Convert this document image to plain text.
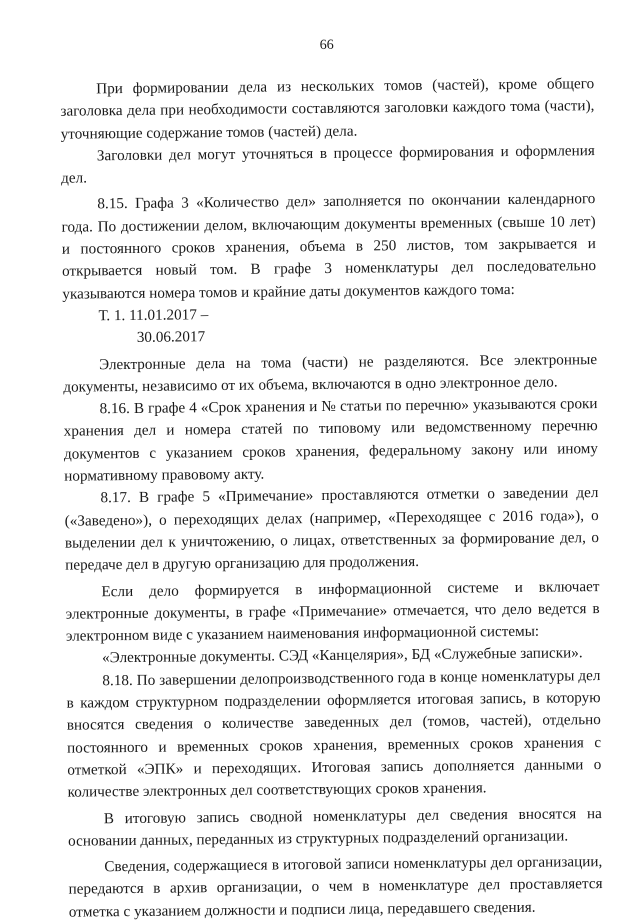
66

При формировании дела из нескольких томов (частей), кроме общего заголовка дела при необходимости составляются заголовки каждого тома (части), уточняющие содержание томов (частей) дела.

Заголовки дел могут уточняться в процессе формирования и оформления дел.

8.15. Графа 3 «Количество дел» заполняется по окончании календарного года. По достижении делом, включающим документы временных (свыше 10 лет) и постоянного сроков хранения, объема в 250 листов, том закрывается и открывается новый том. В графе 3 номенклатуры дел последовательно указываются номера томов и крайние даты документов каждого тома:

Т. 1. 11.01.2017 –

30.06.2017

Электронные дела на тома (части) не разделяются. Все электронные документы, независимо от их объема, включаются в одно электронное дело.

8.16. В графе 4 «Срок хранения и № статьи по перечню» указываются сроки хранения дел и номера статей по типовому или ведомственному перечню документов с указанием сроков хранения, федеральному закону или иному нормативному правовому акту.

8.17. В графе 5 «Примечание» проставляются отметки о заведении дел («Заведено»), о переходящих делах (например, «Переходящее с 2016 года»), о выделении дел к уничтожению, о лицах, ответственных за формирование дел, о передаче дел в другую организацию для продолжения.

Если дело формируется в информационной системе и включает электронные документы, в графе «Примечание» отмечается, что дело ведется в электронном виде с указанием наименования информационной системы:

«Электронные документы. СЭД «Канцелярия», БД «Служебные записки».

8.18. По завершении делопроизводственного года в конце номенклатуры дел в каждом структурном подразделении оформляется итоговая запись, в которую вносятся сведения о количестве заведенных дел (томов, частей), отдельно постоянного и временных сроков хранения, временных сроков хранения с отметкой «ЭПК» и переходящих. Итоговая запись дополняется данными о количестве электронных дел соответствующих сроков хранения.

В итоговую запись сводной номенклатуры дел сведения вносятся на основании данных, переданных из структурных подразделений организации.

Сведения, содержащиеся в итоговой записи номенклатуры дел организации, передаются в архив организации, о чем в номенклатуре дел проставляется отметка с указанием должности и подписи лица, передавшего сведения.
